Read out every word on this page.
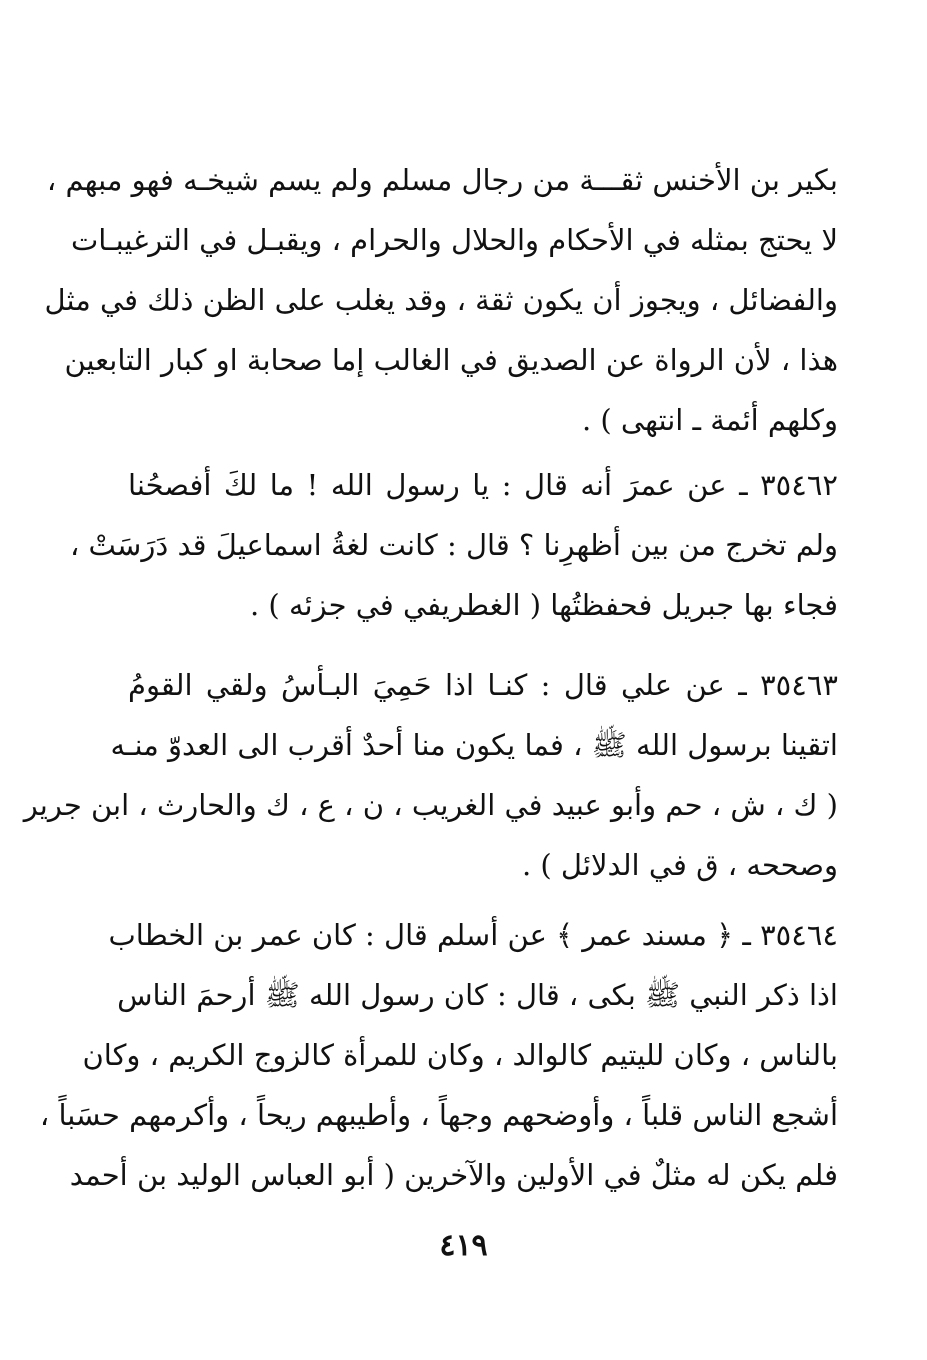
بكير بن الأخنس ثقـــة من رجال مسلم ولم يسم شيخـه فهو مبهم ،
لا يحتج بمثله في الأحكام والحلال والحرام ، ويقبـل في الترغيبـات
والفضائل ، ويجوز أن يكون ثقة ، وقد يغلب على الظن ذلك في مثل
هذا ، لأن الرواة عن الصديق في الغالب إما صحابة او كبار التابعين
وكلهم أئمة ـ انتهى ) .
٣٥٤٦٢ ـ عن عمرَ أنه قال : يا رسول الله ! ما لكَ أفصحُنا
ولم تخرج من بين أظهرِنا ؟ قال : كانت لغةُ اسماعيلَ قد دَرَسَتْ ،
فجاء بها جبريل فحفظتُها ( الغطريفي في جزئه ) .
٣٥٤٦٣ ـ عن علي قال : كنـا اذا حَمِيَ البـأسُ ولقي القومُ
اتقينا برسول الله ﷺ ، فما يكون منا أحدٌ أقرب الى العدوّ منـه
( ك ، ش ، حم وأبو عبيد في الغريب ، ن ، ع ، ك والحارث ، ابن جرير
وصححه ، ق في الدلائل ) .
٣٥٤٦٤ ـ ﴿ مسند عمر ﴾ عن أسلم قال : كان عمر بن الخطاب
اذا ذكر النبي ﷺ بكى ، قال : كان رسول الله ﷺ أرحمَ الناس
بالناس ، وكان لليتيم كالوالد ، وكان للمرأة كالزوج الكريم ، وكان
أشجع الناس قلباً ، وأوضحهم وجهاً ، وأطيبهم ريحاً ، وأكرمهم حسَباً ،
فلم يكن له مثلٌ في الأولين والآخرين ( أبو العباس الوليد بن أحمد
٤١٩
